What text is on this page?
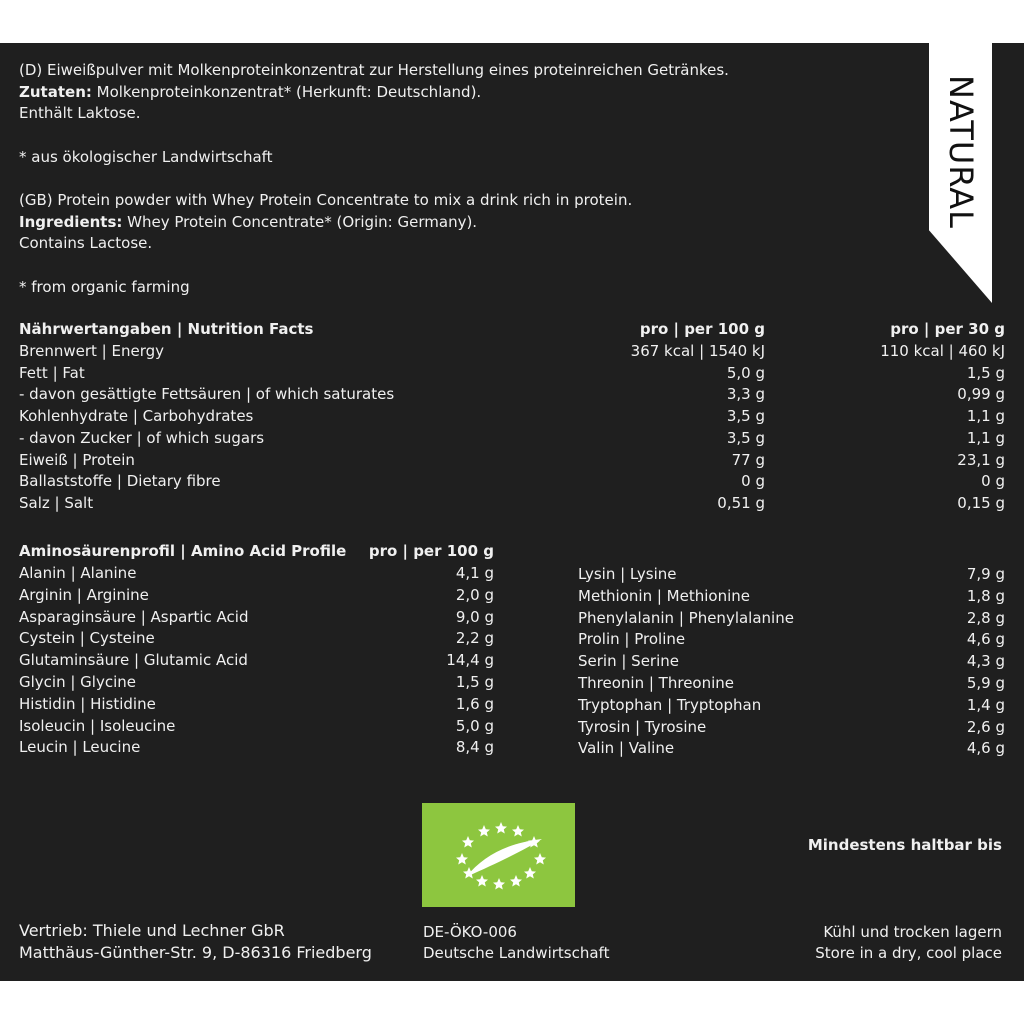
NATURAL
(D) Eiweißpulver mit Molkenproteinkonzentrat zur Herstellung eines proteinreichen Getränkes.
Zutaten: Molkenproteinkonzentrat* (Herkunft: Deutschland).
Enthält Laktose.
* aus ökologischer Landwirtschaft
(GB) Protein powder with Whey Protein Concentrate to mix a drink rich in protein.
Ingredients: Whey Protein Concentrate* (Origin: Germany).
Contains Lactose.
* from organic farming
Nährwertangaben | Nutrition Facts	pro | per 100 g	pro | per 30 g
Brennwert | Energy	367 kcal | 1540 kJ	110 kcal | 460 kJ
Fett | Fat	5,0 g	1,5 g
- davon gesättigte Fettsäuren | of which saturates	3,3 g	0,99 g
Kohlenhydrate | Carbohydrates	3,5 g	1,1 g
- davon Zucker | of which sugars	3,5 g	1,1 g
Eiweiß | Protein	77 g	23,1 g
Ballaststoffe | Dietary fibre	0 g	0 g
Salz | Salt	0,51 g	0,15 g
Aminosäurenprofil | Amino Acid Profile pro | per 100 g
Alanin | Alanine	4,1 g
Arginin | Arginine	2,0 g
Asparaginsäure | Aspartic Acid	9,0 g
Cystein | Cysteine	2,2 g
Glutaminsäure | Glutamic Acid	14,4 g
Glycin | Glycine	1,5 g
Histidin | Histidine	1,6 g
Isoleucin | Isoleucine	5,0 g
Leucin | Leucine	8,4 g
Lysin | Lysine	7,9 g
Methionin | Methionine	1,8 g
Phenylalanin | Phenylalanine	2,8 g
Prolin | Proline	4,6 g
Serin | Serine	4,3 g
Threonin | Threonine	5,9 g
Tryptophan | Tryptophan	1,4 g
Tyrosin | Tyrosine	2,6 g
Valin | Valine	4,6 g
Mindestens haltbar bis
Vertrieb: Thiele und Lechner GbR
Matthäus-Günther-Str. 9, D-86316 Friedberg
DE-ÖKO-006
Deutsche Landwirtschaft
Kühl und trocken lagern
Store in a dry, cool place
